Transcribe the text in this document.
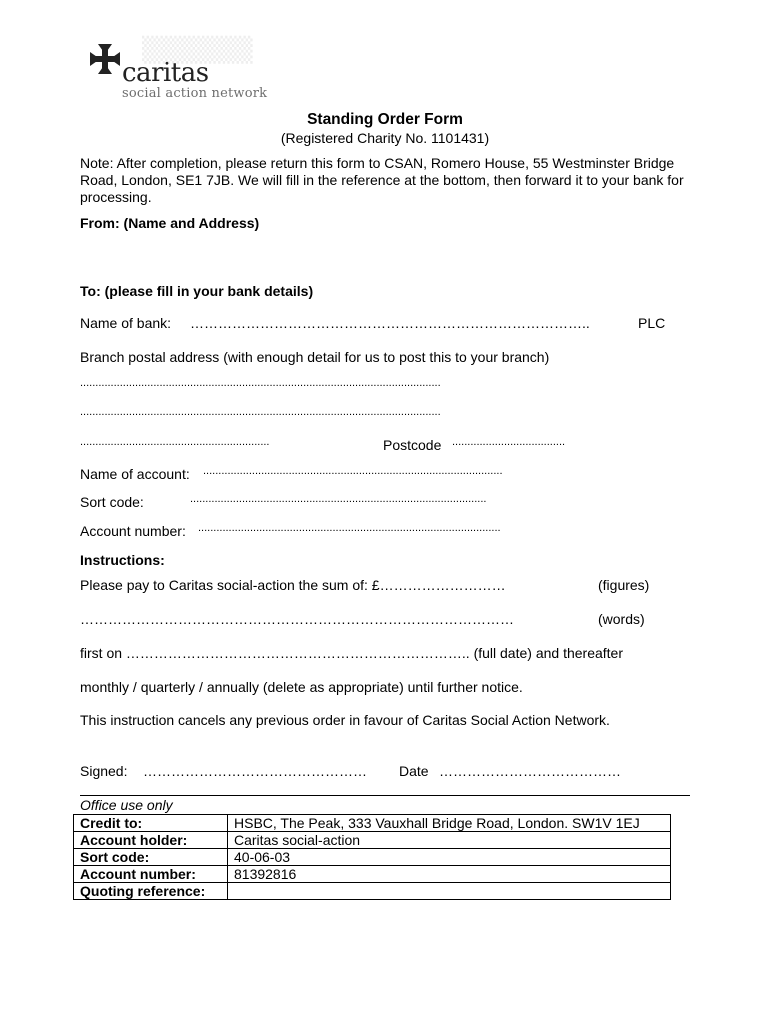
▒▒▒▒▒▒
caritas
social action network
Standing Order Form
(Registered Charity No. 1101431)
Note: After completion, please return this form to CSAN, Romero House, 55 Westminster Bridge Road, London, SE1 7JB. We will fill in the reference at the bottom, then forward it to your bank for processing.
From: (Name and Address)
To: (please fill in your bank details)
Name of bank: …………………………………………………………………………..	PLC
Branch postal address (with enough detail for us to post this to your branch)
......................................................................................................................
......................................................................................................................
..............................................................	Postcode .....................................
Name of account: ..................................................................................................
Sort code:	.................................................................................................
Account number: ...................................................................................................
Instructions:
Please pay to Caritas social-action the sum of: £………………………	(figures)
…………………………………………………………………………………	(words)
first on ……………………………………………………………….. (full date) and thereafter
monthly / quarterly / annually (delete as appropriate) until further notice.
This instruction cancels any previous order in favour of Caritas Social Action Network.
Signed: ………………………………………… Date …………………………………
Office use only
Credit to:	HSBC, The Peak, 333 Vauxhall Bridge Road, London. SW1V 1EJ
Account holder:	Caritas social-action
Sort code:	40-06-03
Account number:	81392816
Quoting reference:	
